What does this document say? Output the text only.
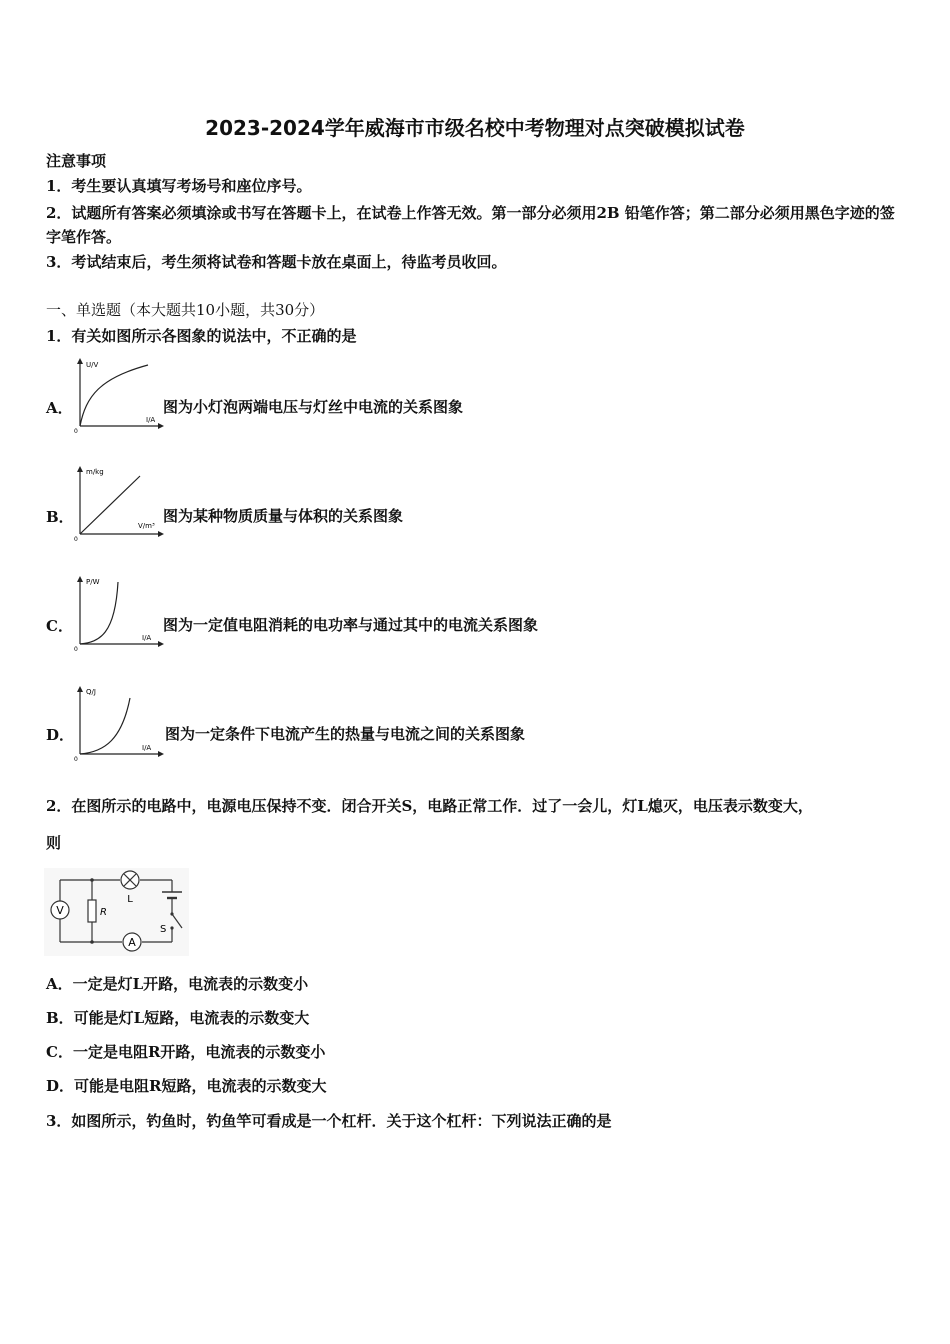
2023-2024学年威海市市级名校中考物理对点突破模拟试卷
注意事项
1．考生要认真填写考场号和座位序号。
2．试题所有答案必须填涂或书写在答题卡上，在试卷上作答无效。第一部分必须用2B 铅笔作答；第二部分必须用黑色字迹的签字笔作答。
3．考试结束后，考生须将试卷和答题卡放在桌面上，待监考员收回。
一、单选题（本大题共10小题，共30分）
1．有关如图所示各图象的说法中，不正确的是
A．
U/V
I/A
0
图为小灯泡两端电压与灯丝中电流的关系图象
B．
m/kg
V/m³
0
图为某种物质质量与体积的关系图象
C．
P/W
I/A
0
图为一定值电阻消耗的电功率与通过其中的电流关系图象
D．
Q/J
I/A
0
图为一定条件下电流产生的热量与电流之间的关系图象
2．在图所示的电路中，电源电压保持不变．闭合开关S，电路正常工作．过了一会儿，灯L熄灭，电压表示数变大，
则
V	R
L
S
A
A．一定是灯L开路，电流表的示数变小
B．可能是灯L短路，电流表的示数变大
C．一定是电阻R开路，电流表的示数变小
D．可能是电阻R短路，电流表的示数变大
3．如图所示，钓鱼时，钓鱼竿可看成是一个杠杆．关于这个杠杆：下列说法正确的是
